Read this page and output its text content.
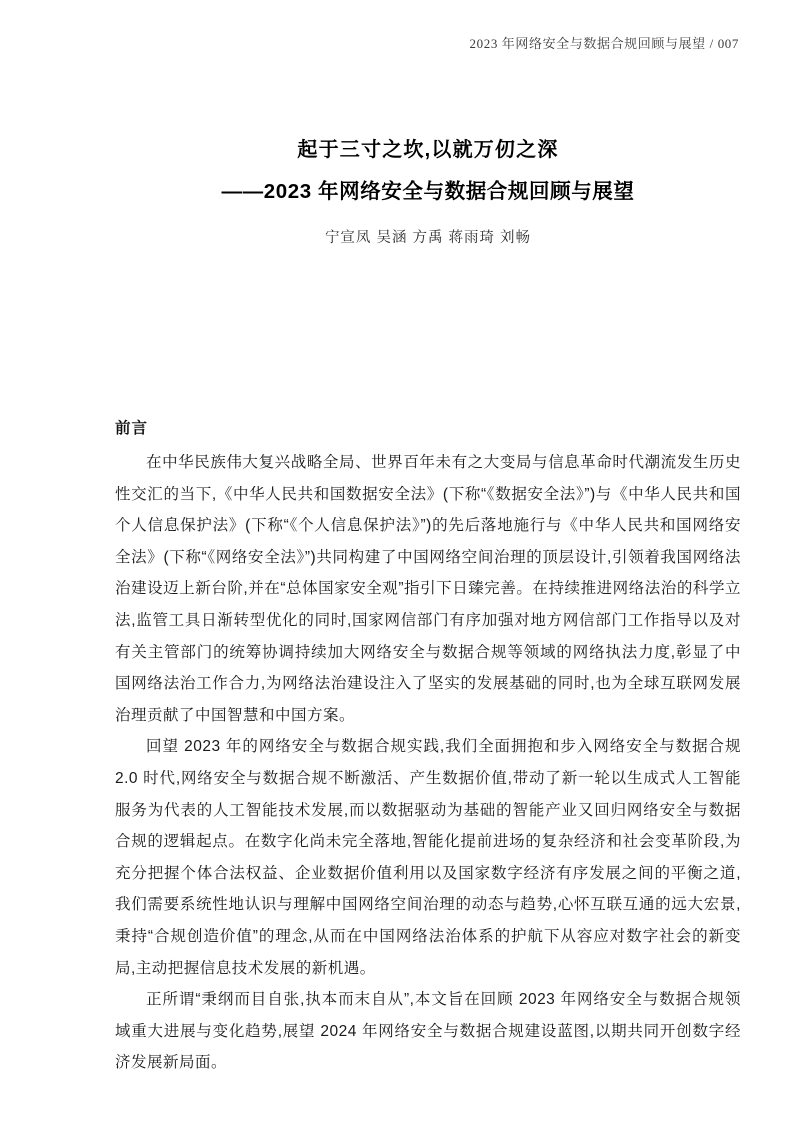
2023 年网络安全与数据合规回顾与展望 / 007
起于三寸之坎,以就万仞之深
——2023 年网络安全与数据合规回顾与展望
宁宣凤 吴涵 方禹 蒋雨琦 刘畅
前言

在中华民族伟大复兴战略全局、世界百年未有之大变局与信息革命时代潮流发生历史性交汇的当下,《中华人民共和国数据安全法》(下称“《数据安全法》”)与《中华人民共和国个人信息保护法》(下称“《个人信息保护法》”)的先后落地施行与《中华人民共和国网络安全法》(下称“《网络安全法》”)共同构建了中国网络空间治理的顶层设计,引领着我国网络法治建设迈上新台阶,并在“总体国家安全观”指引下日臻完善。在持续推进网络法治的科学立法,监管工具日渐转型优化的同时,国家网信部门有序加强对地方网信部门工作指导以及对有关主管部门的统筹协调持续加大网络安全与数据合规等领域的网络执法力度,彰显了中国网络法治工作合力,为网络法治建设注入了坚实的发展基础的同时,也为全球互联网发展治理贡献了中国智慧和中国方案。

回望 2023 年的网络安全与数据合规实践,我们全面拥抱和步入网络安全与数据合规 2.0 时代,网络安全与数据合规不断激活、产生数据价值,带动了新一轮以生成式人工智能服务为代表的人工智能技术发展,而以数据驱动为基础的智能产业又回归网络安全与数据合规的逻辑起点。在数字化尚未完全落地,智能化提前进场的复杂经济和社会变革阶段,为充分把握个体合法权益、企业数据价值利用以及国家数字经济有序发展之间的平衡之道,我们需要系统性地认识与理解中国网络空间治理的动态与趋势,心怀互联互通的远大宏景,秉持“合规创造价值”的理念,从而在中国网络法治体系的护航下从容应对数字社会的新变局,主动把握信息技术发展的新机遇。

正所谓“秉纲而目自张,执本而末自从”,本文旨在回顾 2023 年网络安全与数据合规领域重大进展与变化趋势,展望 2024 年网络安全与数据合规建设蓝图,以期共同开创数字经济发展新局面。
